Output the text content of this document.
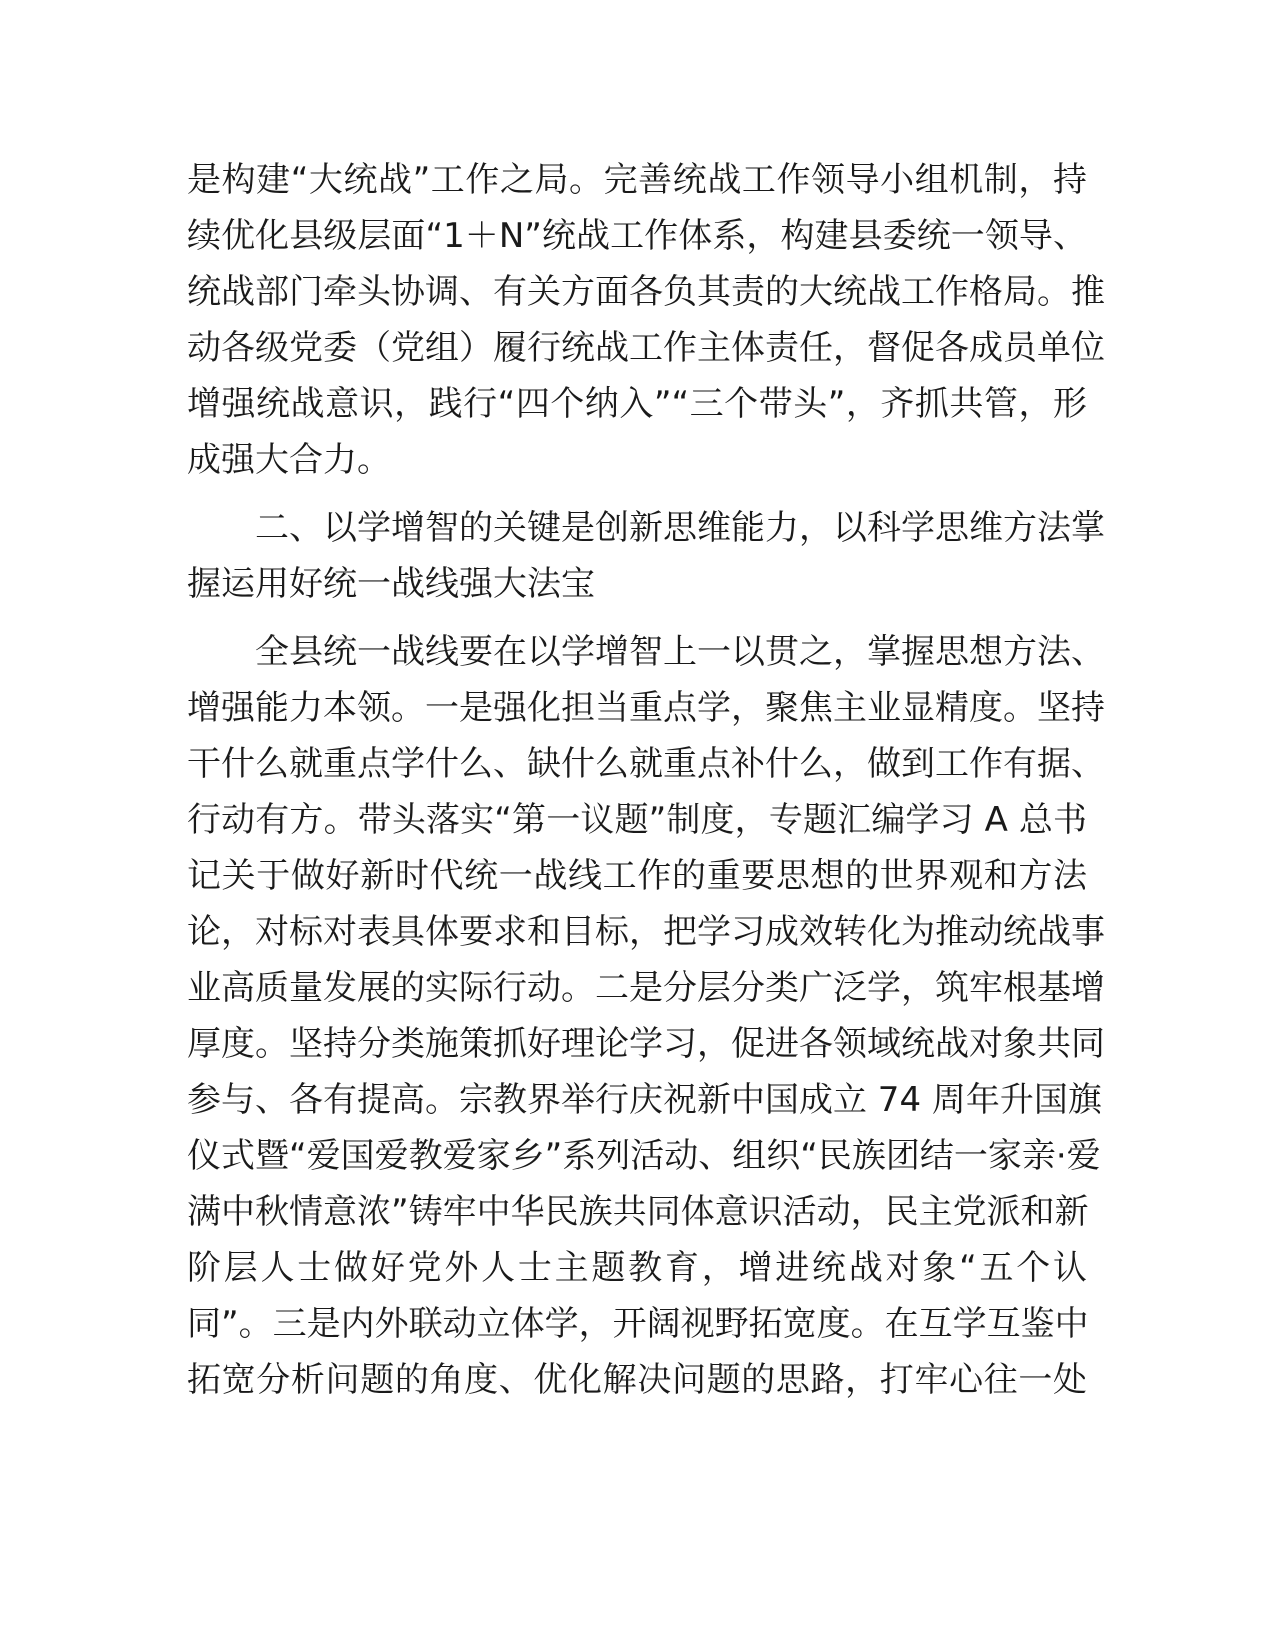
是构建“大统战”工作之局。完善统战工作领导小组机制，持
续优化县级层面“1＋N”统战工作体系，构建县委统一领导、
统战部门牵头协调、有关方面各负其责的大统战工作格局。推
动各级党委（党组）履行统战工作主体责任，督促各成员单位
增强统战意识，践行“四个纳入”“三个带头”，齐抓共管，形
成强大合力。
二、以学增智的关键是创新思维能力，以科学思维方法掌
握运用好统一战线强大法宝
全县统一战线要在以学增智上一以贯之，掌握思想方法、
增强能力本领。一是强化担当重点学，聚焦主业显精度。坚持
干什么就重点学什么、缺什么就重点补什么，做到工作有据、
行动有方。带头落实“第一议题”制度，专题汇编学习 A 总书
记关于做好新时代统一战线工作的重要思想的世界观和方法
论，对标对表具体要求和目标，把学习成效转化为推动统战事
业高质量发展的实际行动。二是分层分类广泛学，筑牢根基增
厚度。坚持分类施策抓好理论学习，促进各领域统战对象共同
参与、各有提高。宗教界举行庆祝新中国成立 74 周年升国旗
仪式暨“爱国爱教爱家乡”系列活动、组织“民族团结一家亲·爱
满中秋情意浓”铸牢中华民族共同体意识活动，民主党派和新
阶层人士做好党外人士主题教育，增进统战对象“五个认
同”。三是内外联动立体学，开阔视野拓宽度。在互学互鉴中
拓宽分析问题的角度、优化解决问题的思路，打牢心往一处
